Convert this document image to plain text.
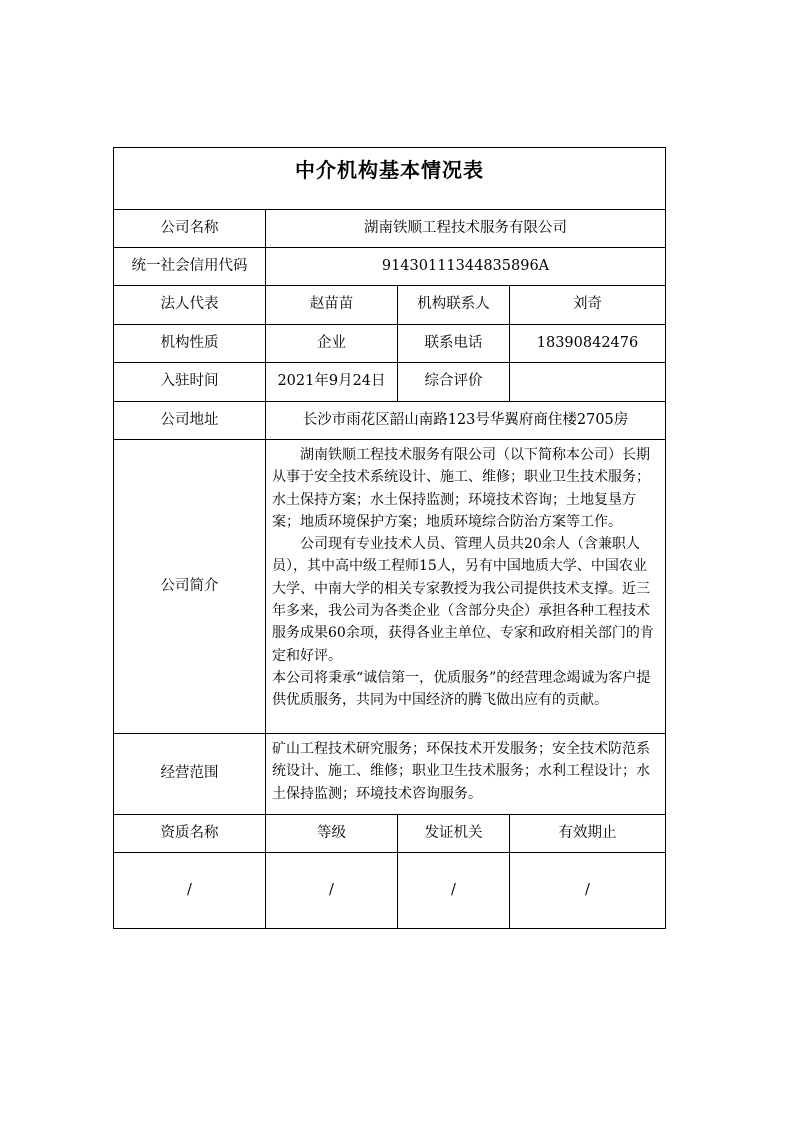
中介机构基本情况表			

公司名称	湖南铁顺工程技术服务有限公司		
统一社会信用代码	91430111344835896A		
法人代表	赵苗苗	机构联系人	刘奇
机构性质	企业	联系电话	18390842476
入驻时间	2021年9月24日	综合评价	
公司地址	长沙市雨花区韶山南路123号华翼府商住楼2705房		
公司简介	湖南铁顺工程技术服务有限公司（以下简称本公司）长期从事于安全技术系统设计、施工、维修；职业卫生技术服务；水土保持方案；水土保持监测；环境技术咨询；土地复垦方案；地质环境保护方案；地质环境综合防治方案等工作。

公司现有专业技术人员、管理人员共20余人（含兼职人员），其中高中级工程师15人，另有中国地质大学、中国农业大学、中南大学的相关专家教授为我公司提供技术支撑。近三年多来，我公司为各类企业（含部分央企）承担各种工程技术服务成果60余项，获得各业主单位、专家和政府相关部门的肯定和好评。

本公司将秉承“诚信第一，优质服务”的经营理念竭诚为客户提供优质服务，共同为中国经济的腾飞做出应有的贡献。		

经营范围	矿山工程技术研究服务；环保技术开发服务；安全技术防范系统设计、施工、维修；职业卫生技术服务；水利工程设计；水土保持监测；环境技术咨询服务。		
资质名称	等级	发证机关	有效期止
/	/	/	/
